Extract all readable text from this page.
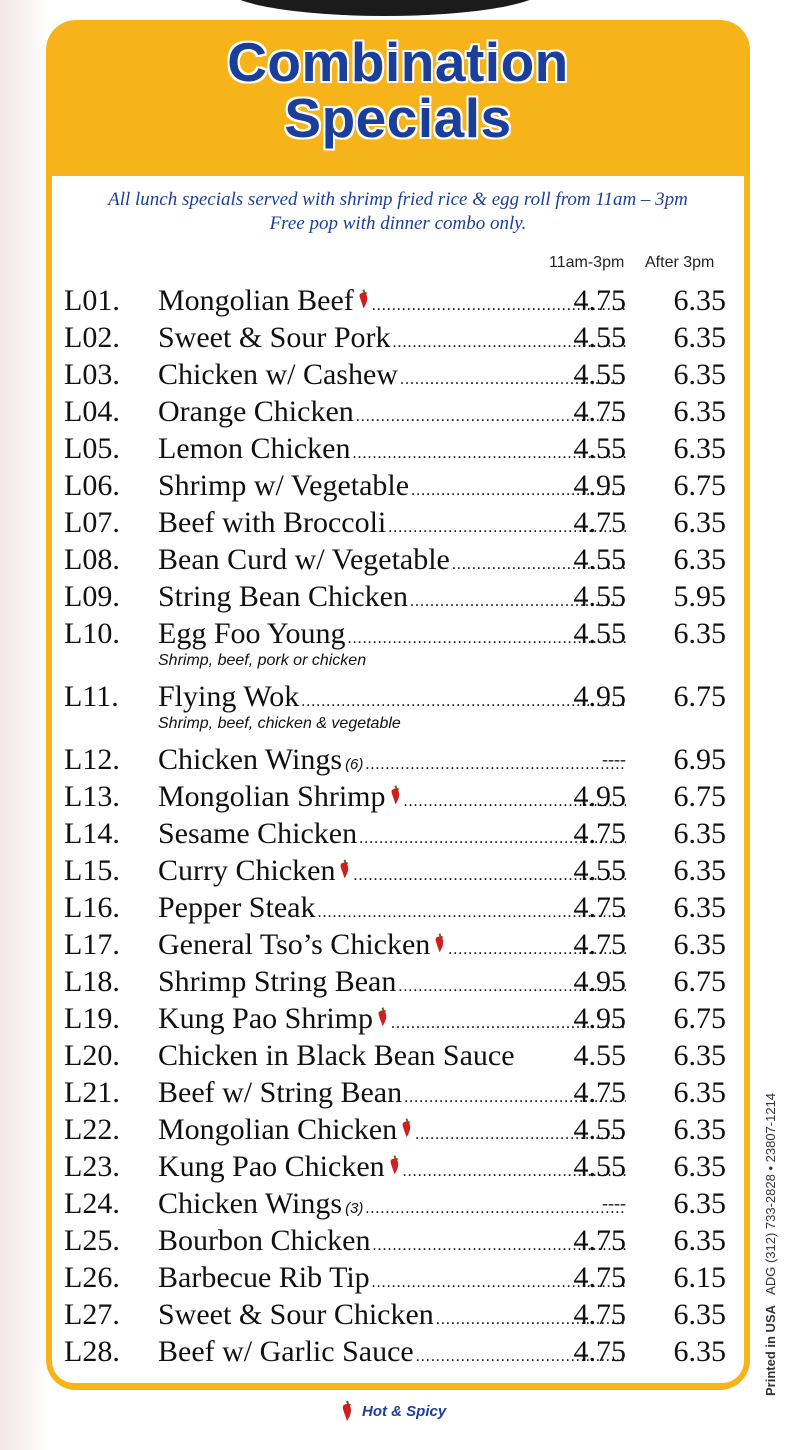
Combination
Specials
All lunch specials served with shrimp fried rice & egg roll from 11am – 3pm
Free pop with dinner combo only.
11am-3pm After 3pm
L01. Mongolian Beef .....	4.75	6.35
L02. Sweet & Sour Pork .....	4.55	6.35
L03. Chicken w/ Cashew .....	4.55	6.35
L04. Orange Chicken .....	4.75	6.35
L05. Lemon Chicken .....	4.55	6.35
L06. Shrimp w/ Vegetable .....	4.95	6.75
L07. Beef with Broccoli .....	4.75	6.35
L08. Bean Curd w/ Vegetable .....	4.55	6.35
L09. String Bean Chicken .....	4.55	5.95
L10. Egg Foo Young .....	4.55	6.35
Shrimp, beef, pork or chicken
L11. Flying Wok .....	4.95	6.75
Shrimp, beef, chicken & vegetable
L12. Chicken Wings (6) .....	----	6.95
L13. Mongolian Shrimp .....	4.95	6.75
L14. Sesame Chicken .....	4.75	6.35
L15. Curry Chicken .....	4.55	6.35
L16. Pepper Steak .....	4.75	6.35
L17. General Tso’s Chicken .....	4.75	6.35
L18. Shrimp String Bean .....	4.95	6.75
L19. Kung Pao Shrimp .....	4.95	6.75
L20. Chicken in Black Bean Sauce	4.55	6.35
L21. Beef w/ String Bean .....	4.75	6.35
L22. Mongolian Chicken .....	4.55	6.35
L23. Kung Pao Chicken .....	4.55	6.35
L24. Chicken Wings (3) .....	----	6.35
L25. Bourbon Chicken .....	4.75	6.35
L26. Barbecue Rib Tip .....	4.75	6.15
L27. Sweet & Sour Chicken .....	4.75	6.35
L28. Beef w/ Garlic Sauce .....	4.75	6.35
Hot & Spicy
Printed in USA   ADG (312) 733-2828 • 23807-1214
